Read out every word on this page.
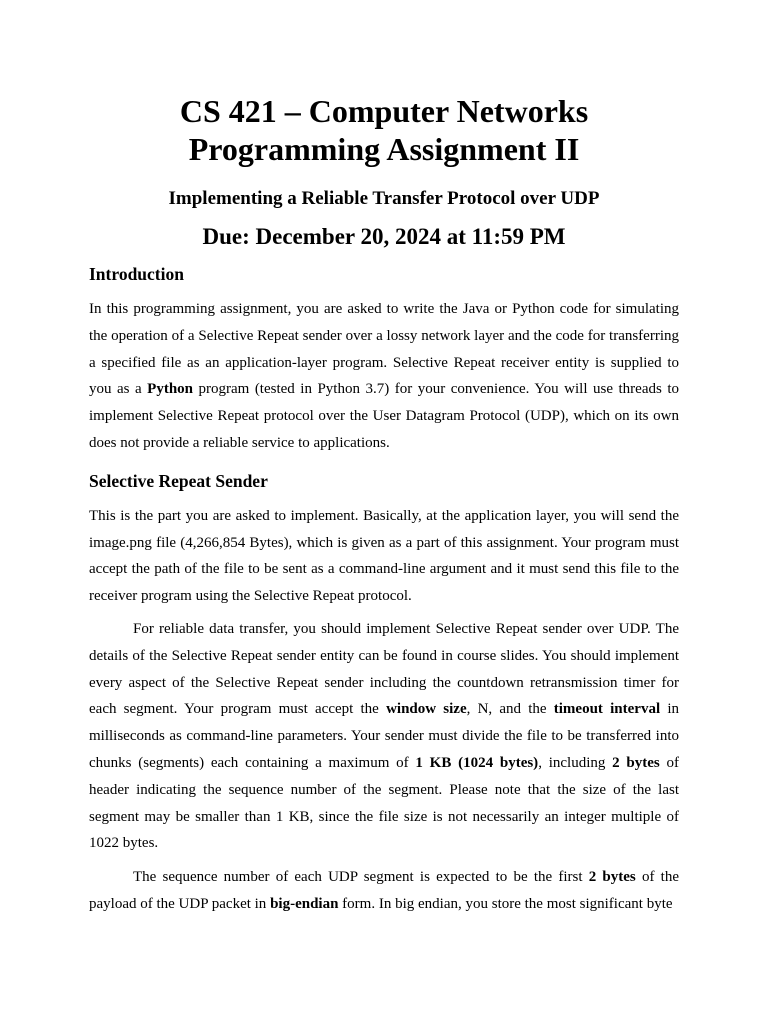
CS 421 – Computer Networks
Programming Assignment II
Implementing a Reliable Transfer Protocol over UDP
Due: December 20, 2024 at 11:59 PM
Introduction

In this programming assignment, you are asked to write the Java or Python code for simulating the operation of a Selective Repeat sender over a lossy network layer and the code for transferring a specified file as an application-layer program. Selective Repeat receiver entity is supplied to you as a Python program (tested in Python 3.7) for your convenience. You will use threads to implement Selective Repeat protocol over the User Datagram Protocol (UDP), which on its own does not provide a reliable service to applications.

Selective Repeat Sender

This is the part you are asked to implement. Basically, at the application layer, you will send the image.png file (4,266,854 Bytes), which is given as a part of this assignment. Your program must accept the path of the file to be sent as a command-line argument and it must send this file to the receiver program using the Selective Repeat protocol.

For reliable data transfer, you should implement Selective Repeat sender over UDP. The details of the Selective Repeat sender entity can be found in course slides. You should implement every aspect of the Selective Repeat sender including the countdown retransmission timer for each segment. Your program must accept the window size, N, and the timeout interval in milliseconds as command-line parameters. Your sender must divide the file to be transferred into chunks (segments) each containing a maximum of 1 KB (1024 bytes), including 2 bytes of header indicating the sequence number of the segment. Please note that the size of the last segment may be smaller than 1 KB, since the file size is not necessarily an integer multiple of 1022 bytes.

The sequence number of each UDP segment is expected to be the first 2 bytes of the payload of the UDP packet in big-endian form. In big endian, you store the most significant byte
